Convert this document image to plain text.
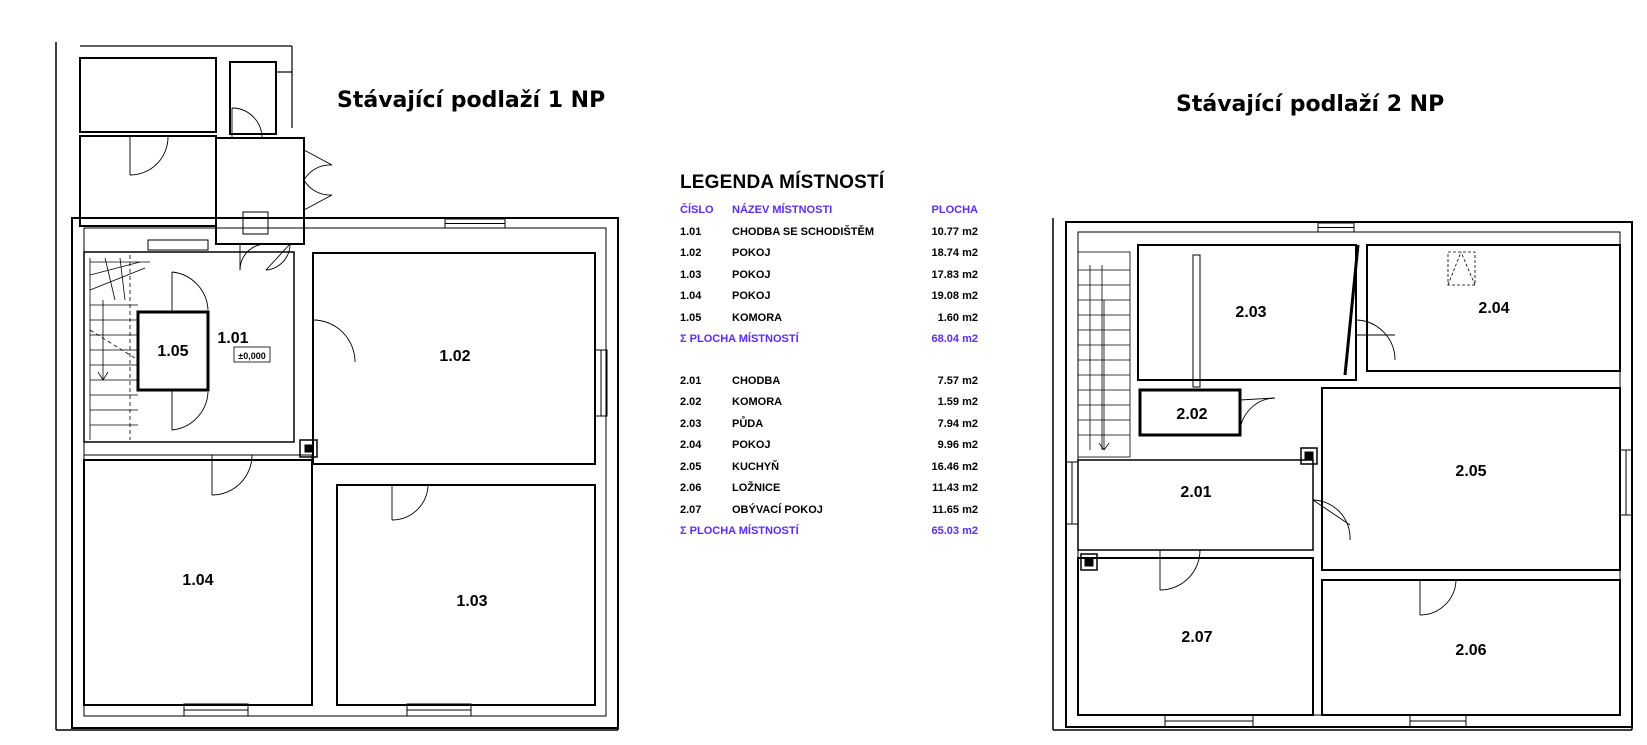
1.01
±0,000
1.05	1.02
1.04
1.03
2.03	2.04
2.02
2.05
2.01
2.07
2.06
Stávající podlaží 1 NP	Stávající podlaží 2 NP
LEGENDA MÍSTNOSTÍ
ČÍSLO NÁZEV MÍSTNOSTI	PLOCHA
1.01	CHODBA SE SCHODIŠTĚM	10.77 m2
1.02	POKOJ	18.74 m2
1.03	POKOJ	17.83 m2
1.04	POKOJ	19.08 m2
1.05	KOMORA	1.60 m2
Σ PLOCHA MÍSTNOSTÍ	68.04 m2
2.01	CHODBA	7.57 m2
2.02	KOMORA	1.59 m2
2.03	PŮDA	7.94 m2
2.04	POKOJ	9.96 m2
2.05	KUCHYŇ	16.46 m2
2.06	LOŽNICE	11.43 m2
2.07	OBÝVACÍ POKOJ	11.65 m2
Σ PLOCHA MÍSTNOSTÍ	65.03 m2
